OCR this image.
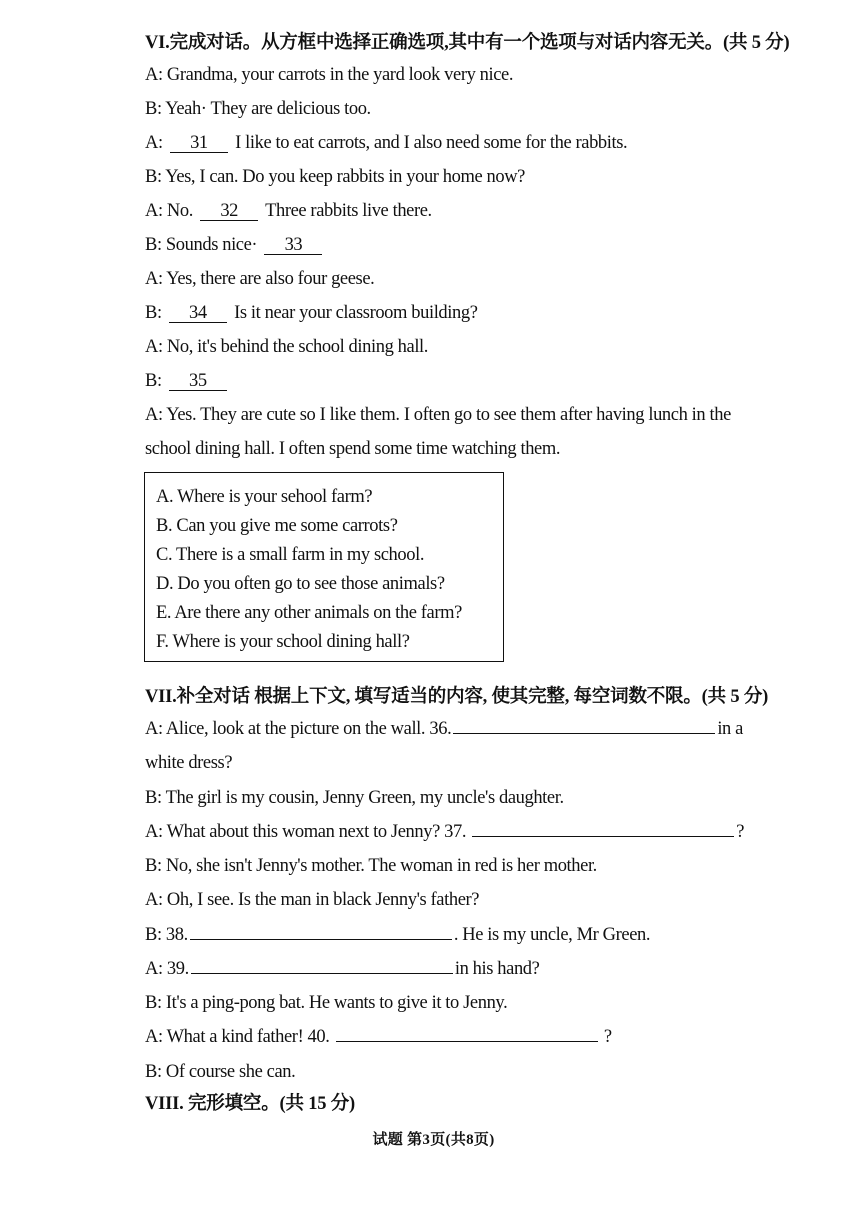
VI.完成对话。从方框中选择正确选项,其中有一个选项与对话内容无关。(共 5 分)
A: Grandma, your carrots in the yard look very nice.
B: Yeah· They are delicious too.
A: 31 I like to eat carrots, and I also need some for the rabbits.
B: Yes, I can. Do you keep rabbits in your home now?
A: No. 32 Three rabbits live there.
B: Sounds nice· 33
A: Yes, there are also four geese.
B: 34 Is it near your classroom building?
A: No, it's behind the school dining hall.
B: 35
A: Yes. They are cute so I like them. I often go to see them after having lunch in the
school dining hall. I often spend some time watching them.
A. Where is your sehool farm?
B. Can you give me some carrots?
C. There is a small farm in my school.
D. Do you often go to see those animals?
E. Are there any other animals on the farm?
F. Where is your school dining hall?
VII.补全对话 根据上下文, 填写适当的内容, 使其完整, 每空词数不限。(共 5 分)
A: Alice, look at the picture on the wall. 36.	in a
white dress?
B: The girl is my cousin, Jenny Green, my uncle's daughter.
A: What about this woman next to Jenny? 37.	?
B: No, she isn't Jenny's mother. The woman in red is her mother.
A: Oh, I see. Is the man in black Jenny's father?
B: 38.	. He is my uncle, Mr Green.
A: 39.	in his hand?
B: It's a ping-pong bat. He wants to give it to Jenny.
A: What a kind father! 40.	?
B: Of course she can.
VIII. 完形填空。(共 15 分)
试题 第3页(共8页)
